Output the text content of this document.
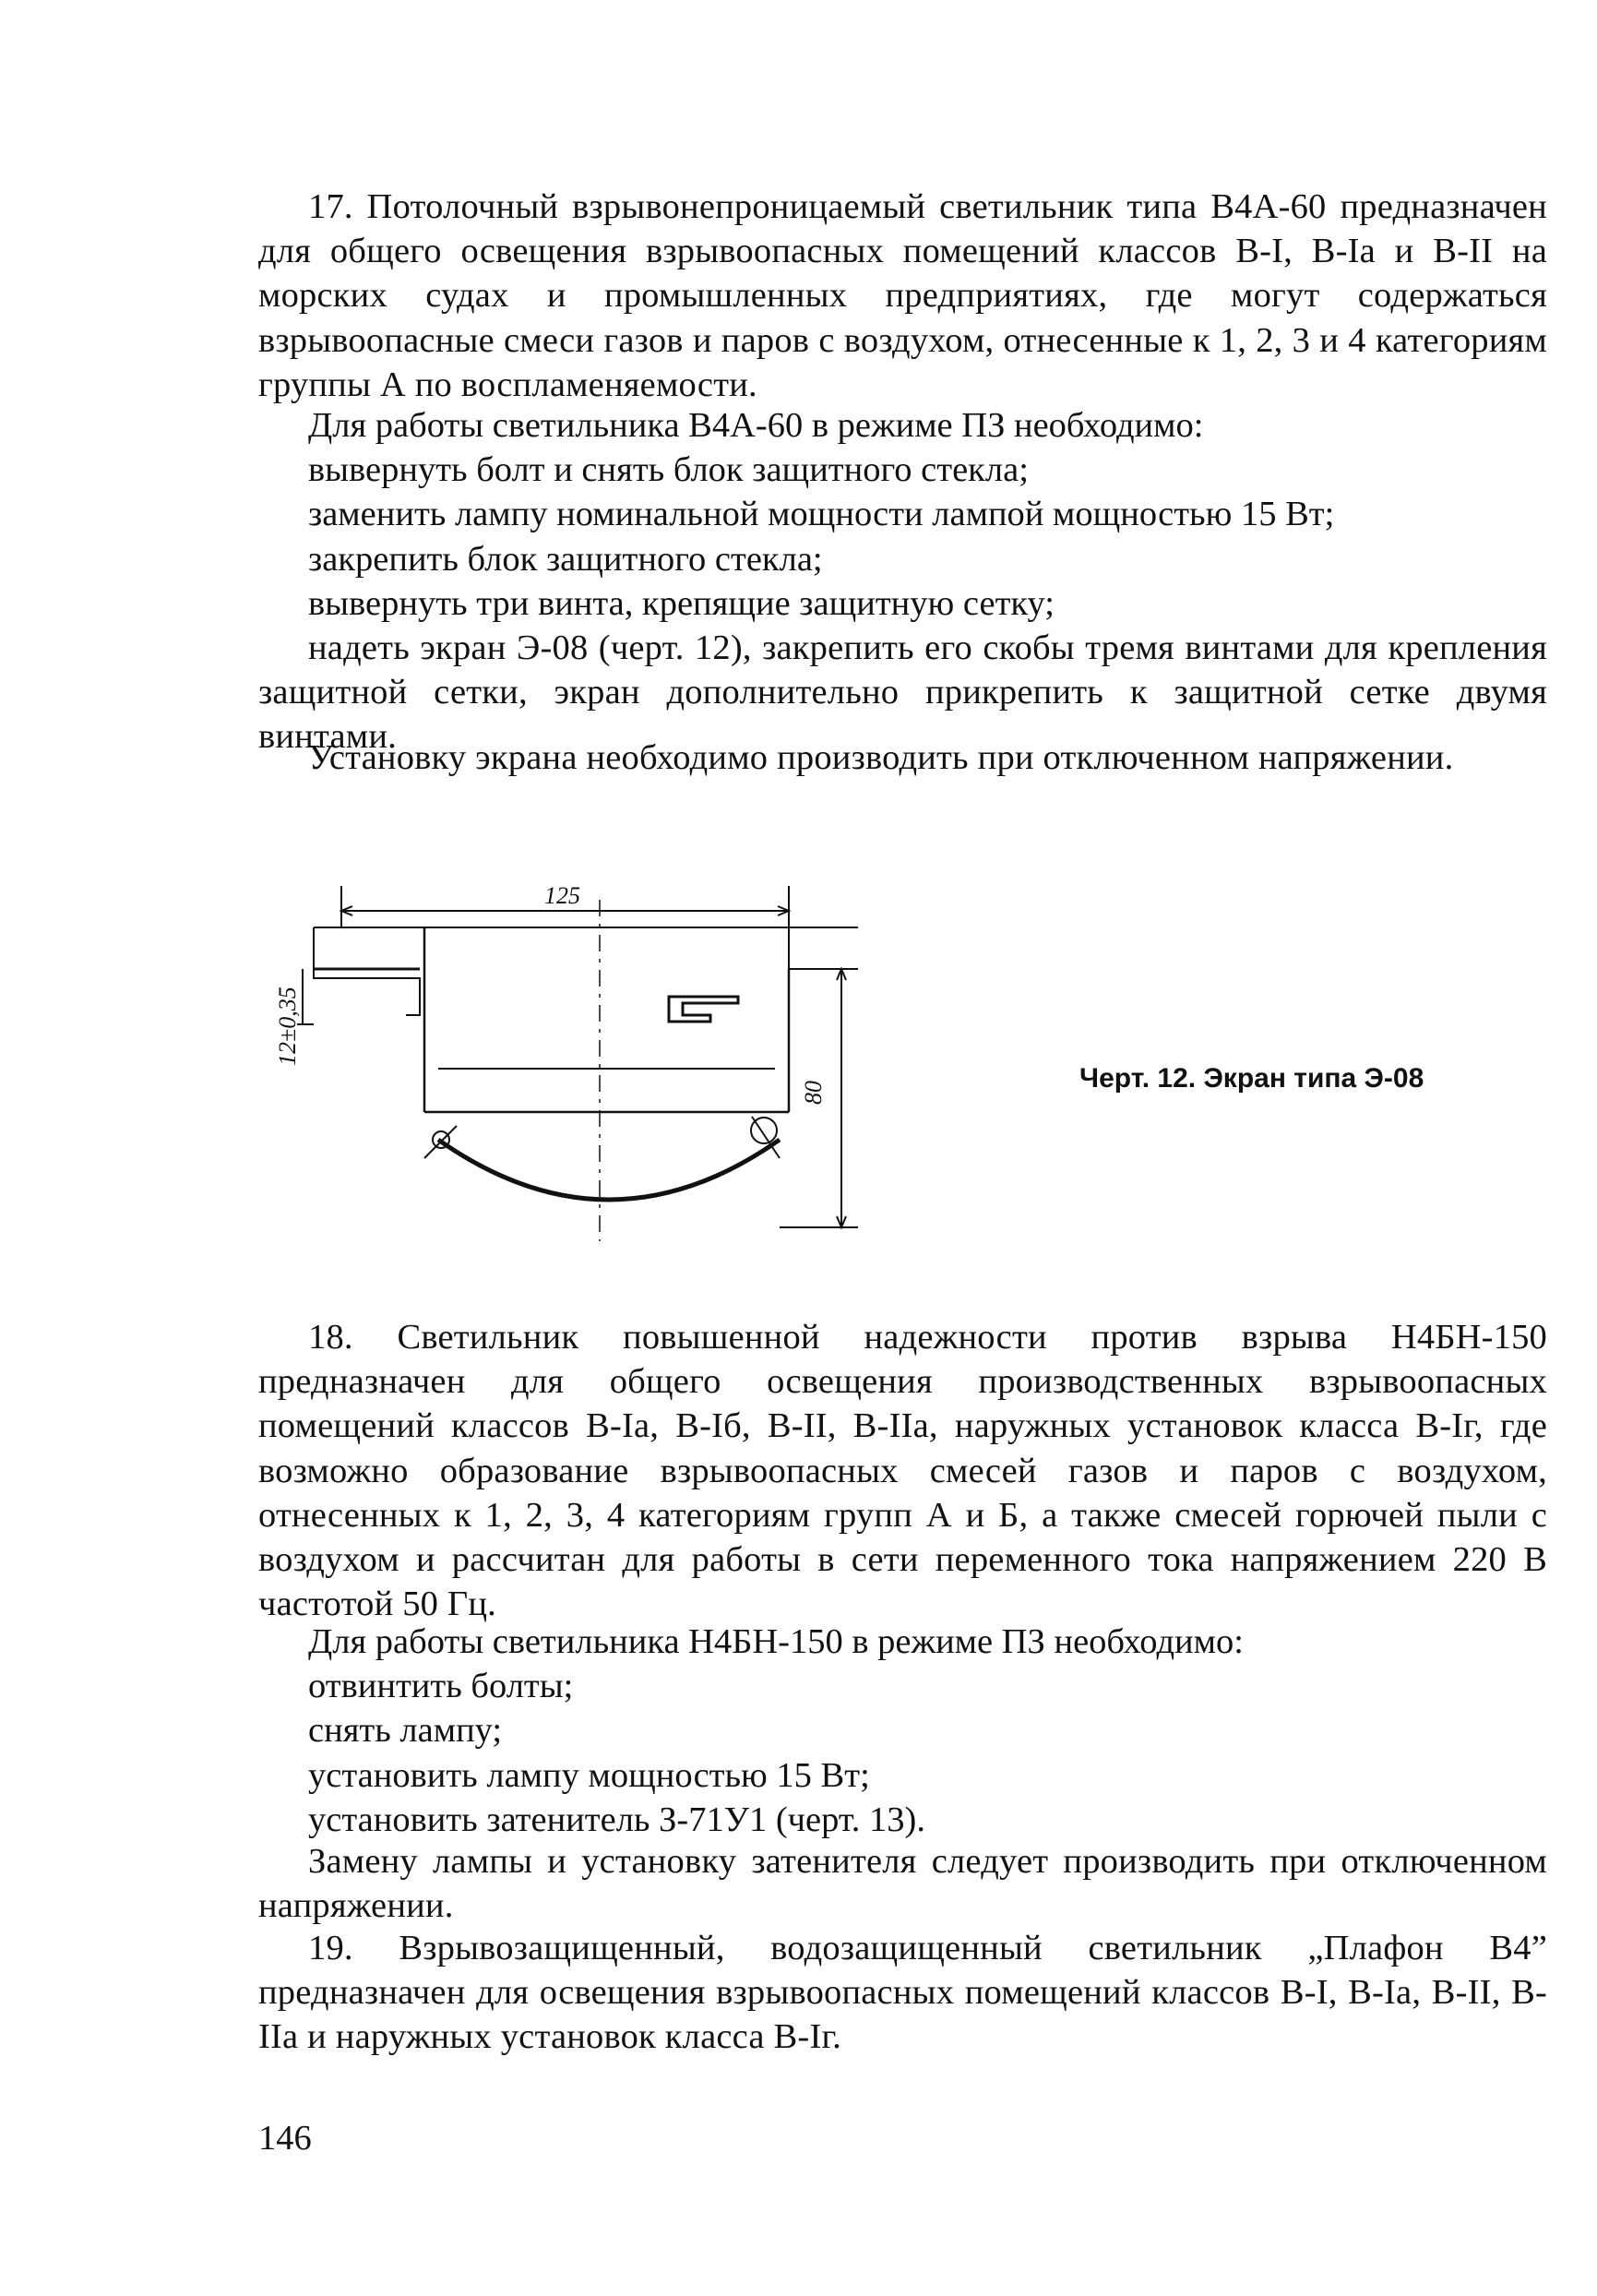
17. Потолочный взрывонепроницаемый светильник типа В4А-60 предназначен для общего освещения взрывоопасных помещений классов В-I, В-Iа и В-II на морских судах и промышленных предприятиях, где могут содержаться взрывоопасные смеси газов и паров с воздухом, отнесенные к 1, 2, 3 и 4 категориям группы А по воспламеняемости.

Для работы светильника В4А-60 в режиме ПЗ необходимо:
вывернуть болт и снять блок защитного стекла;
заменить лампу номинальной мощности лампой мощностью 15 Вт;
закрепить блок защитного стекла;
вывернуть три винта, крепящие защитную сетку;

надеть экран Э-08 (черт. 12), закрепить его скобы тремя винтами для крепления защитной сетки, экран дополнительно прикрепить к защитной сетке двумя винтами.

Установку экрана необходимо производить при отключенном напряжении.

125
80
12±0,35
Черт. 12. Экран типа Э-08

18. Светильник повышенной надежности против взрыва Н4БН-150 предназначен для общего освещения производственных взрывоопасных помещений классов В-Iа, В-Iб, В-II, В-IIа, наружных установок класса В-Iг, где возможно образование взрывоопасных смесей газов и паров с воздухом, отнесенных к 1, 2, 3, 4 категориям групп А и Б, а также смесей горючей пыли с воздухом и рассчитан для работы в сети переменного тока напряжением 220 В частотой 50 Гц.

Для работы светильника Н4БН-150 в режиме ПЗ необходимо:
отвинтить болты;
снять лампу;
установить лампу мощностью 15 Вт;
установить затенитель З-71У1 (черт. 13).

Замену лампы и установку затенителя следует производить при отключенном напряжении.

19. Взрывозащищенный, водозащищенный светильник „Плафон В4” предназначен для освещения взрывоопасных помещений классов В-I, В-Iа, В-II, В-IIа и наружных установок класса В-Iг.

146
